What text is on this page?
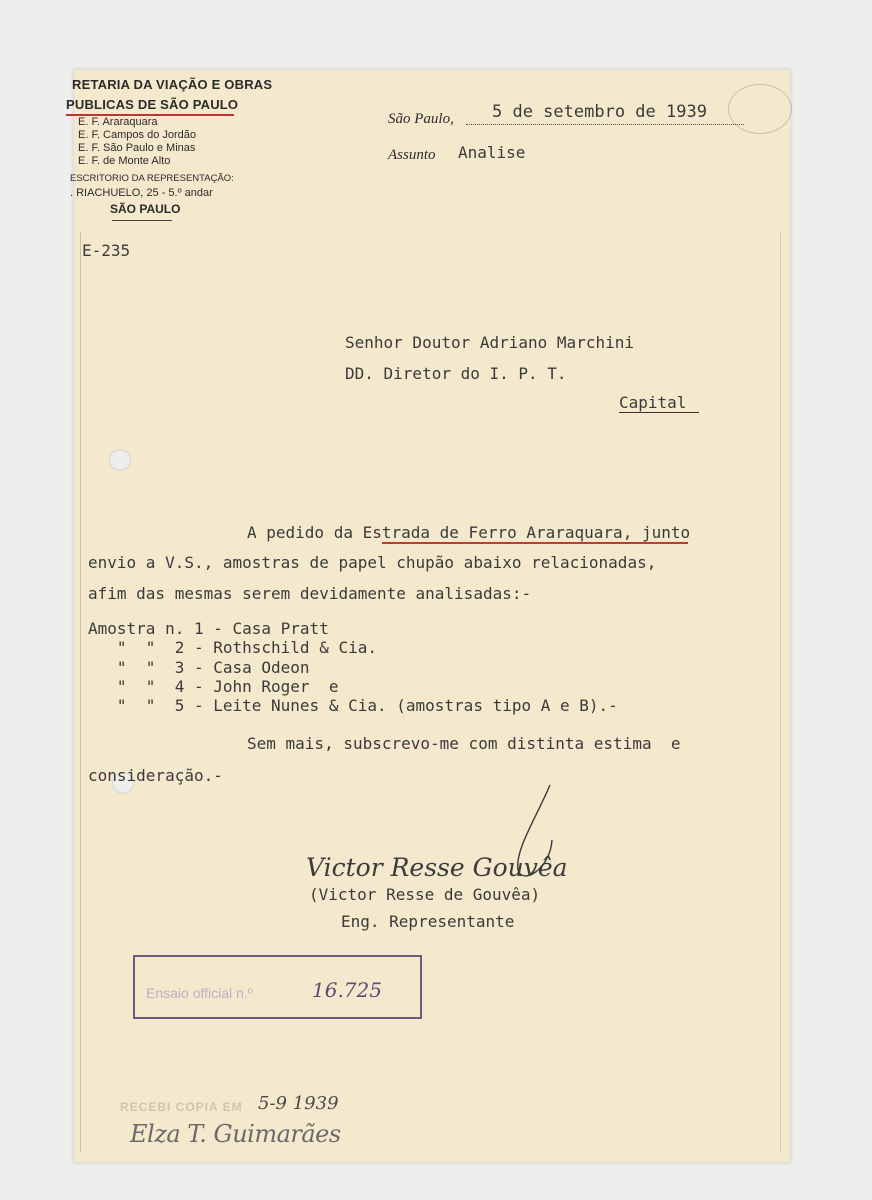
RETARIA DA VIAÇÃO E OBRAS
PUBLICAS DE SÃO PAULO
E. F. Araraquara
E. F. Campos do Jordão
E. F. São Paulo e Minas
E. F. de Monte Alto
ESCRITORIO DA REPRESENTAÇÃO:
. RIACHUELO, 25 - 5.º andar
SÃO PAULO
São Paulo, 5 de setembro de 1939
Assunto Analise
E-235
Senhor Doutor Adriano Marchini
DD. Diretor do I. P. T.
Capital
A pedido da Estrada de Ferro Araraquara, junto
envio a V.S., amostras de papel chupão abaixo relacionadas,
afim das mesmas serem devidamente analisadas:-
Amostra n. 1 - Casa Pratt
"  "  2 - Rothschild & Cia.
"  "  3 - Casa Odeon
"  "  4 - John Roger  e
"  "  5 - Leite Nunes & Cia. (amostras tipo A e B).-
Sem mais, subscrevo-me com distinta estima  e
consideração.-
Victor Resse Gouvêa
(Victor Resse de Gouvêa)
Eng. Representante
Ensaio official n.º	16.725
RECEBI COPIA EM 5-9 1939
Elza T. Guimarães
